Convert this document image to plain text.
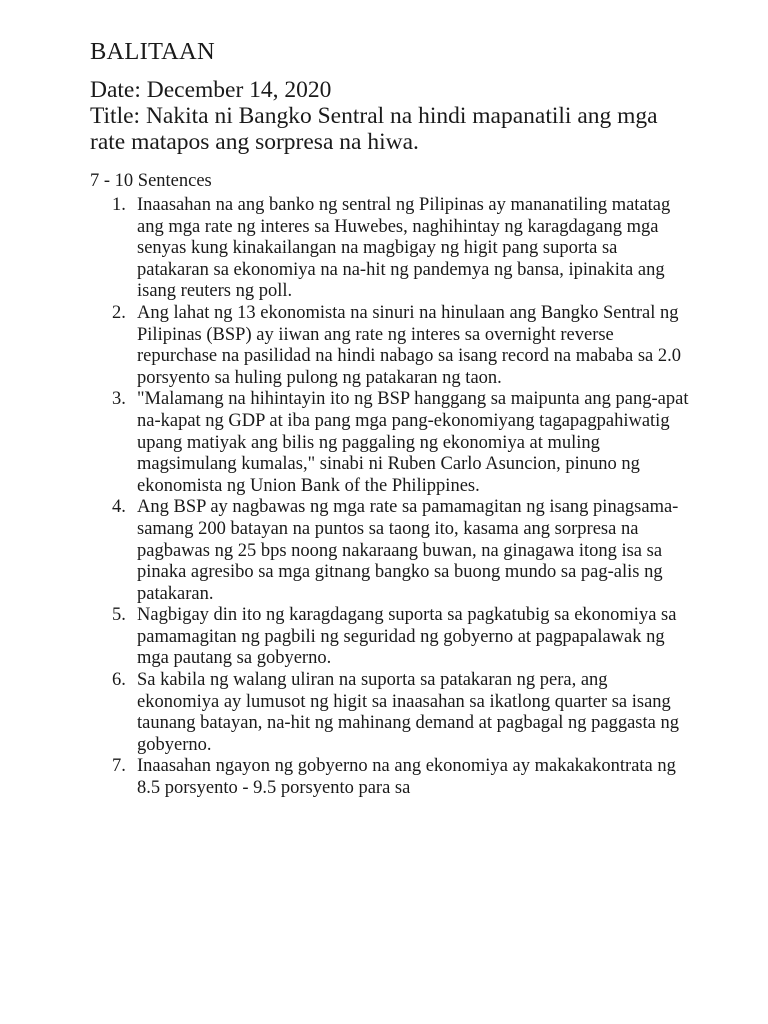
BALITAAN

Date: December 14, 2020

Title: Nakita ni Bangko Sentral na hindi mapanatili ang mga rate matapos ang sorpresa na hiwa.

7 - 10 Sentences

1. Inaasahan na ang banko ng sentral ng Pilipinas ay mananatiling matatag ang mga rate ng interes sa Huwebes, naghihintay ng karagdagang mga senyas kung kinakailangan na magbigay ng higit pang suporta sa patakaran sa ekonomiya na na-hit ng pandemya ng bansa, ipinakita ang isang reuters ng poll.
2. Ang lahat ng 13 ekonomista na sinuri na hinulaan ang Bangko Sentral ng Pilipinas (BSP) ay iiwan ang rate ng interes sa overnight reverse repurchase na pasilidad na hindi nabago sa isang record na mababa sa 2.0 porsyento sa huling pulong ng patakaran ng taon.
3. "Malamang na hihintayin ito ng BSP hanggang sa maipunta ang pang-apat na-kapat ng GDP at iba pang mga pang-ekonomiyang tagapagpahiwatig upang matiyak ang bilis ng paggaling ng ekonomiya at muling magsimulang kumalas," sinabi ni Ruben Carlo Asuncion, pinuno ng ekonomista ng Union Bank of the Philippines.
4. Ang BSP ay nagbawas ng mga rate sa pamamagitan ng isang pinagsama-samang 200 batayan na puntos sa taong ito, kasama ang sorpresa na pagbawas ng 25 bps noong nakaraang buwan, na ginagawa itong isa sa pinaka agresibo sa mga gitnang bangko sa buong mundo sa pag-alis ng patakaran.
5. Nagbigay din ito ng karagdagang suporta sa pagkatubig sa ekonomiya sa pamamagitan ng pagbili ng seguridad ng gobyerno at pagpapalawak ng mga pautang sa gobyerno.
6. Sa kabila ng walang uliran na suporta sa patakaran ng pera, ang ekonomiya ay lumusot ng higit sa inaasahan sa ikatlong quarter sa isang taunang batayan, na-hit ng mahinang demand at pagbagal ng paggasta ng gobyerno.
7. Inaasahan ngayon ng gobyerno na ang ekonomiya ay makakakontrata ng 8.5 porsyento - 9.5 porsyento para sa
